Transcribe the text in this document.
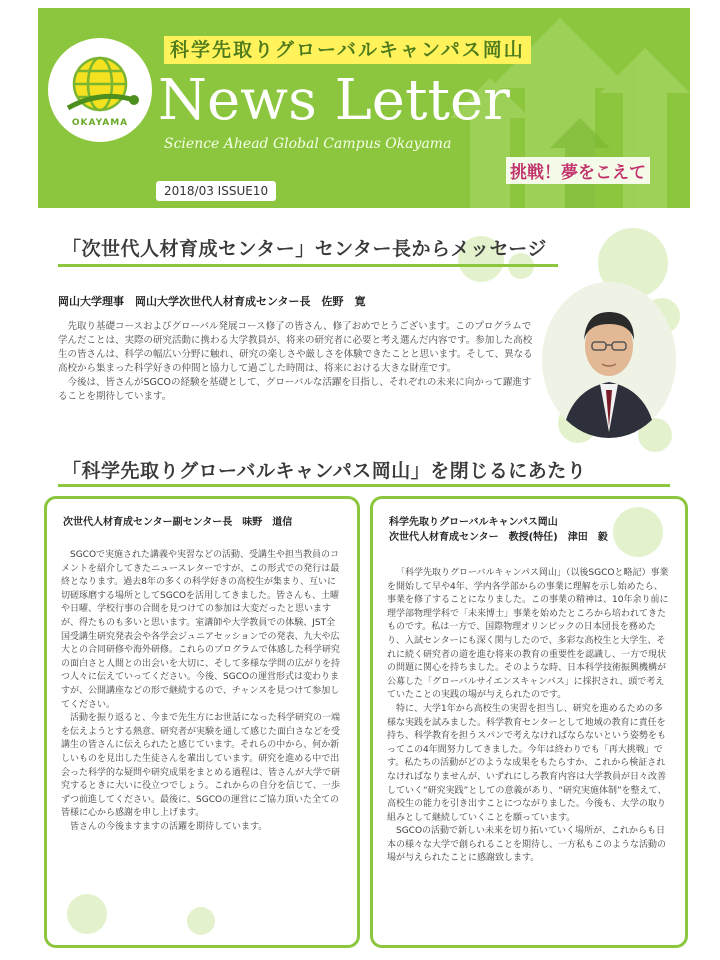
OKAYAMA
科学先取りグローバルキャンパス岡山
News Letter
Science Ahead Global Campus Okayama
挑戦！夢をこえて
2018/03 ISSUE10
「次世代人材育成センター」センター長からメッセージ
岡山大学理事　岡山大学次世代人材育成センター長　佐野　寛

先取り基礎コースおよびグローバル発展コース修了の皆さん、修了おめでとうございます。このプログラムで学んだことは、実際の研究活動に携わる大学教員が、将来の研究者に必要と考え選んだ内容です。参加した高校生の皆さんは、科学の幅広い分野に触れ、研究の楽しさや厳しさを体験できたことと思います。そして、異なる高校から集まった科学好きの仲間と協力して過ごした時間は、将来における大きな財産です。

今後は、皆さんがSGCOの経験を基礎として、グローバルな活躍を目指し、それぞれの未来に向かって躍進することを期待しています。

「科学先取りグローバルキャンパス岡山」を閉じるにあたり
次世代人材育成センター副センター長 味野　道信

SGCOで実施された講義や実習などの活動、受講生や担当教員のコメントを紹介してきたニュースレターですが、この形式での発行は最終となります。過去8年の多くの科学好きの高校生が集まり、互いに切磋琢磨する場所としてSGCOを活用してきました。皆さんも、土曜や日曜、学校行事の合間を見つけての参加は大変だったと思いますが、得たものも多いと思います。室講師や大学教員での体験、JST全国受講生研究発表会や各学会ジュニアセッションでの発表、九大や広大との合同研修や海外研修。これらのプログラムで体感した科学研究の面白さと人間との出会いを大切に、そして多様な学問の広がりを持つ人々に伝えていってください。今後、SGCOの運営形式は変わりますが、公開講座などの形で継続するので、チャンスを見つけて参加してください。

活動を振り返ると、今まで先生方にお世話になった科学研究の一端を伝えようとする熱意、研究者が実験を通して感じた面白さなどを受講生の皆さんに伝えられたと感じています。それらの中から、何か新しいものを見出した生徒さんを輩出しています。研究を進める中で出会った科学的な疑問や研究成果をまとめる過程は、皆さんが大学で研究するときに大いに役立つでしょう。これからの自分を信じて、一歩ずつ前進してください。最後に、SGCOの運営にご協力頂いた全ての皆様に心から感謝を申し上げます。

皆さんの今後ますますの活躍を期待しています。

科学先取りグローバルキャンパス岡山
次世代人材育成センター　教授(特任) 津田　毅

「科学先取りグローバルキャンパス岡山」（以後SGCOと略記）事業を開始して早や4年、学内各学部からの事業に理解を示し始めたら、事業を修了することになりました。この事業の精神は、10年余り前に理学部物理学科で「未来博士」事業を始めたところから培われてきたものです。私は一方で、国際物理オリンピックの日本団長を務めたり、入試センターにも深く関与したので、多彩な高校生と大学生、それに続く研究者の道を進む将来の教育の重要性を認識し、一方で現状の問題に関心を持ちました。そのような時、日本科学技術振興機構が公募した「グローバルサイエンスキャンパス」に採択され、頭で考えていたことの実践の場が与えられたのです。

特に、大学1年から高校生の実習を担当し、研究を進めるための多様な実践を試みました。科学教育センターとして地域の教育に責任を持ち、科学教育を担うスパンで考えなければならないという姿勢をもってこの4年間努力してきました。今年は終わりでも「再大挑戦」です。私たちの活動がどのような成果をもたらすか、これから検証されなければなりませんが、いずれにしろ教育内容は大学教員が日々改善していく“研究実践”としての意義があり、“研究実施体制”を整えて、高校生の能力を引き出すことにつながりました。今後も、大学の取り組みとして継続していくことを願っています。

SGCOの活動で新しい未来を切り拓いていく場所が、これからも日本の様々な大学で創られることを期待し、一方私もこのような活動の場が与えられたことに感謝致します。
